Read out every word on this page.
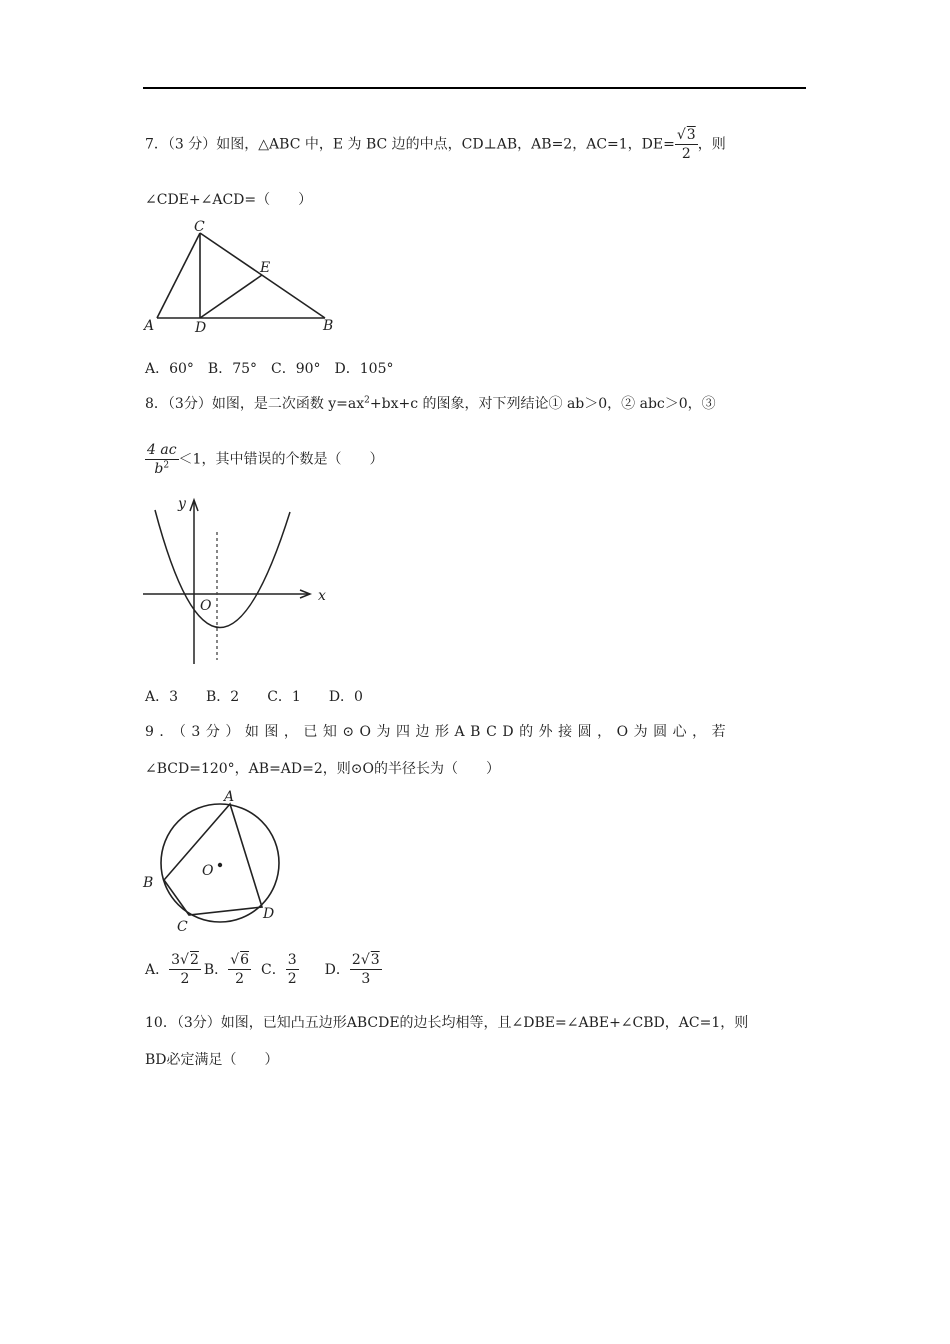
7．（3 分）如图，△ABC 中，E 为 BC 边的中点，CD⊥AB，AB=2，AC=1，$DE= \frac{√3}{2}$ ，则
∠CDE+∠ACD=（　　）
A
C
E
D	B
A．60°　B．75°　C．90°　D．105°
8．（3分）如图，是二次函数 $y=ax^2+bx+c$ 的图象，对下列结论① ab＞0，② abc＞0，③
$\frac{4 ac}{b^2} <1$，其中错误的个数是（　　）
y
x
O
A．3　　B．2　　C．1　　D．0
9．（3分）如图，已知⊙O为四边形ABCD的外接圆，O为圆心，若
∠BCD=120°，AB=AD=2，则⊙O的半径长为（　　）
A
B
C
D
O
A． $\frac{3√2}{2}$ B． $\frac{√6}{2}$ C． $\frac{3}{2}$ D． $\frac{2√3}{3}$
10．（3分）如图，已知凸五边形ABCDE的边长均相等，且∠DBE=∠ABE+∠CBD，AC=1，则
BD必定满足（　　）
